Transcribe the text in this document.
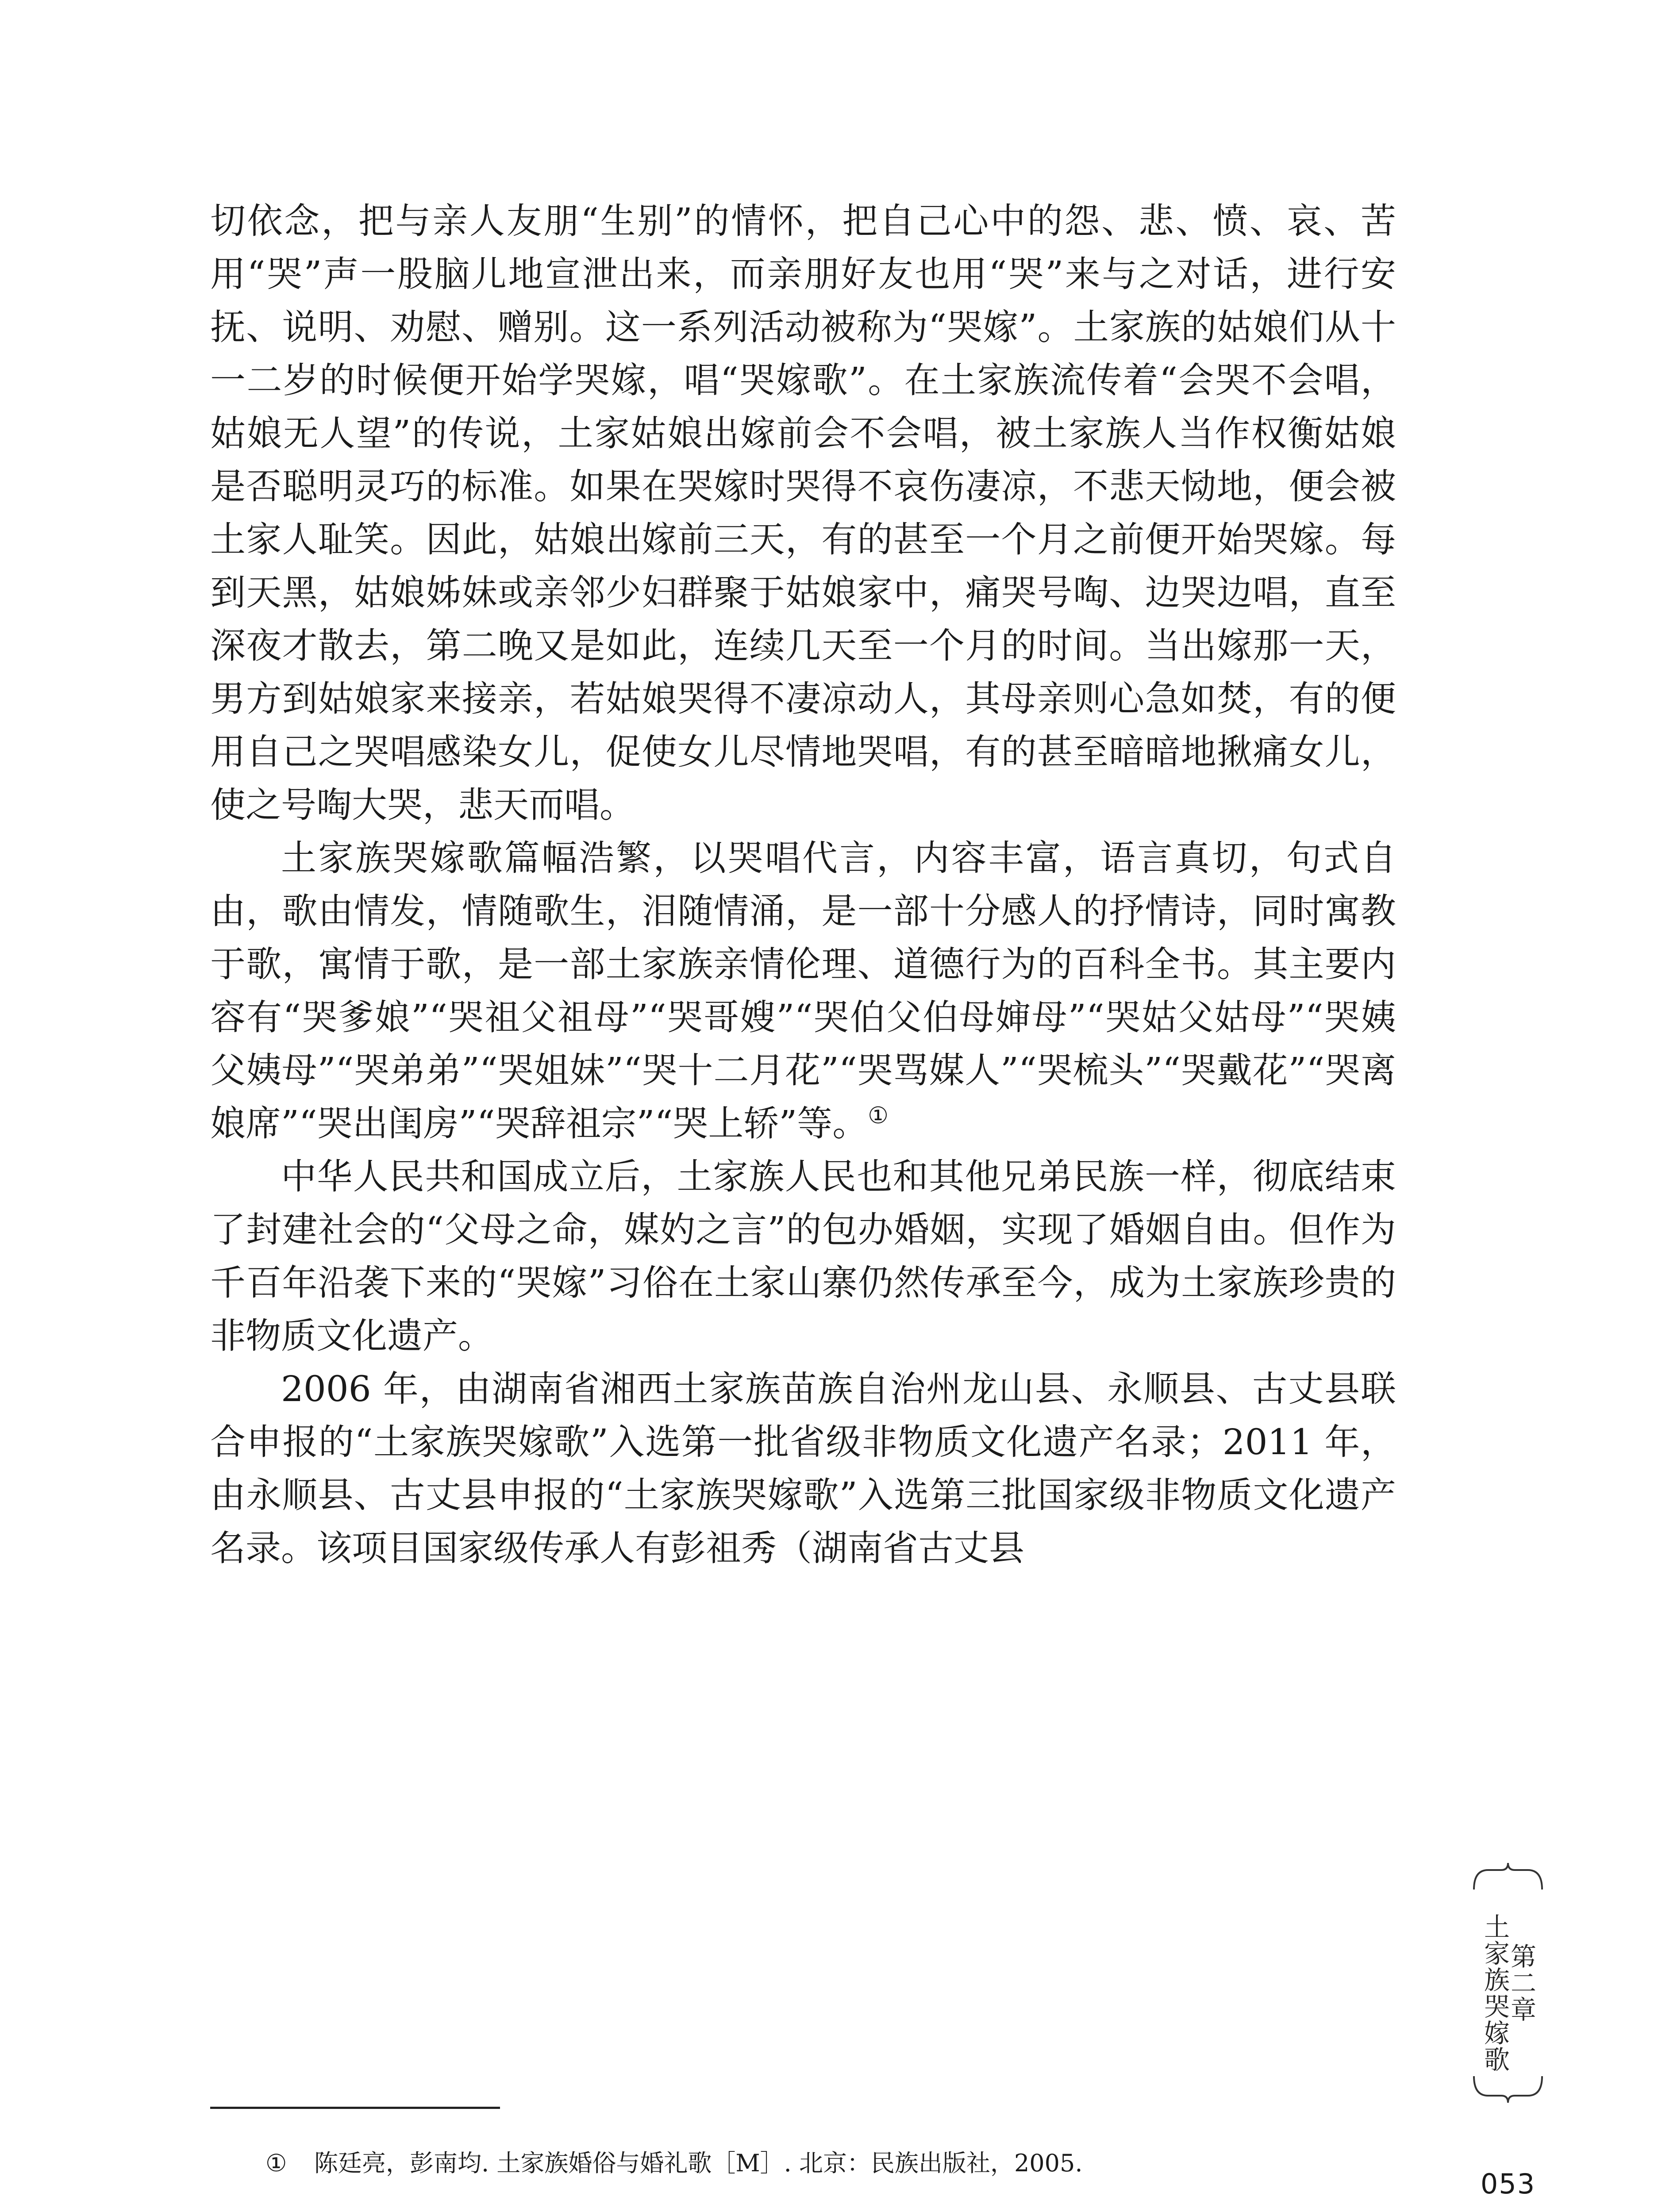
切依念，把与亲人友朋“生别”的情怀，把自己心中的怨、悲、愤、哀、苦用“哭”声一股脑儿地宣泄出来，而亲朋好友也用“哭”来与之对话，进行安抚、说明、劝慰、赠别。这一系列活动被称为“哭嫁”。土家族的姑娘们从十一二岁的时候便开始学哭嫁，唱“哭嫁歌”。在土家族流传着“会哭不会唱，姑娘无人望”的传说，土家姑娘出嫁前会不会唱，被土家族人当作权衡姑娘是否聪明灵巧的标准。如果在哭嫁时哭得不哀伤凄凉，不悲天恸地，便会被土家人耻笑。因此，姑娘出嫁前三天，有的甚至一个月之前便开始哭嫁。每到天黑，姑娘姊妹或亲邻少妇群聚于姑娘家中，痛哭号啕、边哭边唱，直至深夜才散去，第二晚又是如此，连续几天至一个月的时间。当出嫁那一天，男方到姑娘家来接亲，若姑娘哭得不凄凉动人，其母亲则心急如焚，有的便用自己之哭唱感染女儿，促使女儿尽情地哭唱，有的甚至暗暗地揪痛女儿，使之号啕大哭，悲天而唱。

土家族哭嫁歌篇幅浩繁，以哭唱代言，内容丰富，语言真切，句式自由，歌由情发，情随歌生，泪随情涌，是一部十分感人的抒情诗，同时寓教于歌，寓情于歌，是一部土家族亲情伦理、道德行为的百科全书。其主要内容有“哭爹娘”“哭祖父祖母”“哭哥嫂”“哭伯父伯母婶母”“哭姑父姑母”“哭姨父姨母”“哭弟弟”“哭姐妹”“哭十二月花”“哭骂媒人”“哭梳头”“哭戴花”“哭离娘席”“哭出闺房”“哭辞祖宗”“哭上轿”等。①

中华人民共和国成立后，土家族人民也和其他兄弟民族一样，彻底结束了封建社会的“父母之命，媒妁之言”的包办婚姻，实现了婚姻自由。但作为千百年沿袭下来的“哭嫁”习俗在土家山寨仍然传承至今，成为土家族珍贵的非物质文化遗产。

2006 年，由湖南省湘西土家族苗族自治州龙山县、永顺县、古丈县联合申报的“土家族哭嫁歌”入选第一批省级非物质文化遗产名录；2011 年，由永顺县、古丈县申报的“土家族哭嫁歌”入选第三批国家级非物质文化遗产名录。该项目国家级传承人有彭祖秀（湖南省古丈县

① 陈廷亮，彭南均. 土家族婚俗与婚礼歌［M］. 北京：民族出版社，2005.
第二章
土家族哭嫁歌
053
